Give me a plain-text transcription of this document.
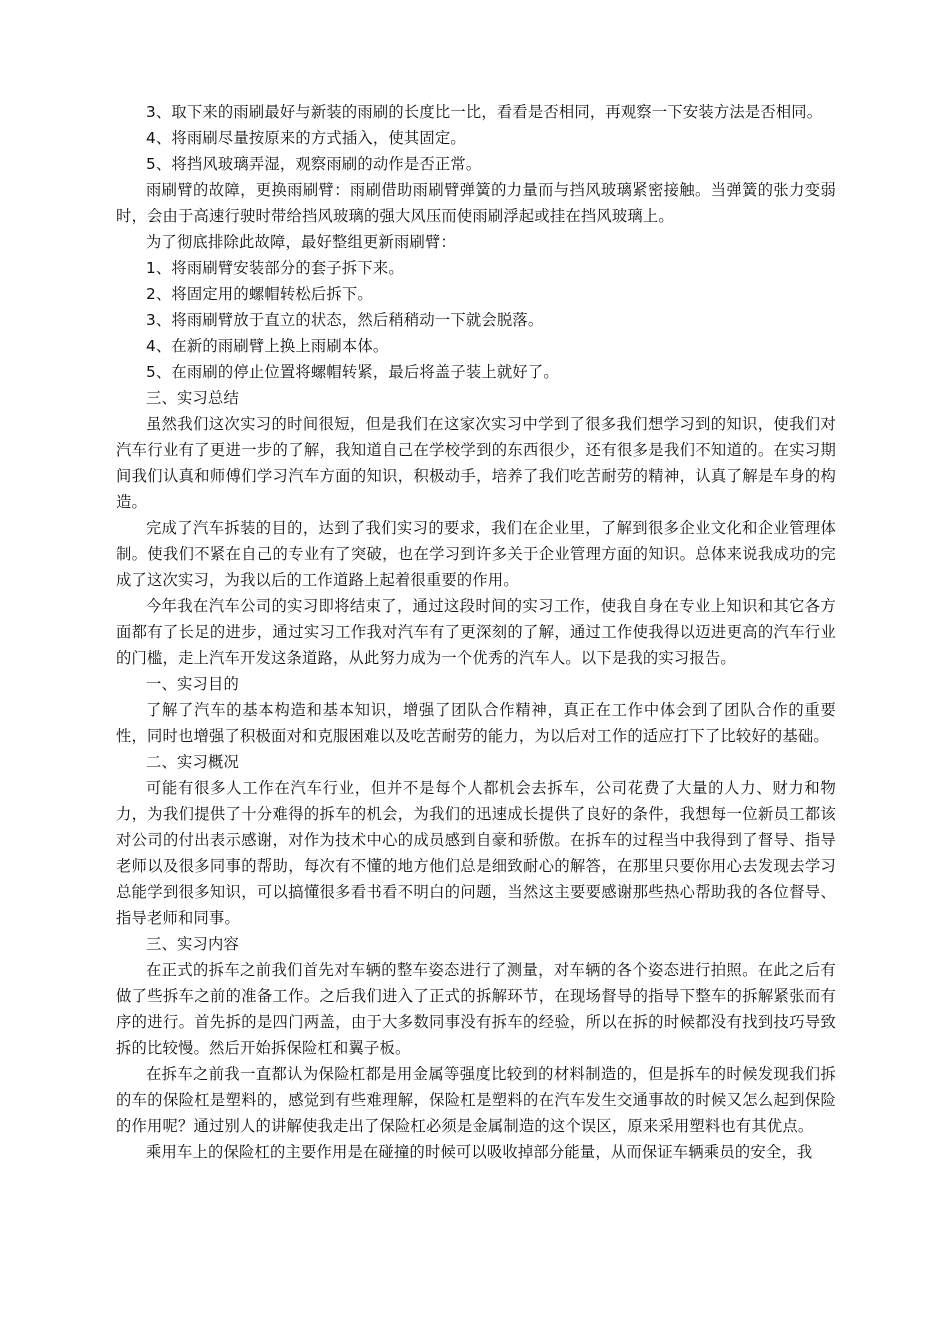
3、取下来的雨刷最好与新装的雨刷的长度比一比，看看是否相同，再观察一下安装方法是否相同。

4、将雨刷尽量按原来的方式插入，使其固定。

5、将挡风玻璃弄湿，观察雨刷的动作是否正常。

雨刷臂的故障，更换雨刷臂：雨刷借助雨刷臂弹簧的力量而与挡风玻璃紧密接触。当弹簧的张力变弱时，会由于高速行驶时带给挡风玻璃的强大风压而使雨刷浮起或挂在挡风玻璃上。

为了彻底排除此故障，最好整组更新雨刷臂：

1、将雨刷臂安装部分的套子拆下来。

2、将固定用的螺帽转松后拆下。

3、将雨刷臂放于直立的状态，然后稍稍动一下就会脱落。

4、在新的雨刷臂上换上雨刷本体。

5、在雨刷的停止位置将螺帽转紧，最后将盖子装上就好了。

三、实习总结

虽然我们这次实习的时间很短，但是我们在这家次实习中学到了很多我们想学习到的知识，使我们对汽车行业有了更进一步的了解，我知道自己在学校学到的东西很少，还有很多是我们不知道的。在实习期间我们认真和师傅们学习汽车方面的知识，积极动手，培养了我们吃苦耐劳的精神，认真了解是车身的构造。

完成了汽车拆装的目的，达到了我们实习的要求，我们在企业里，了解到很多企业文化和企业管理体制。使我们不紧在自己的专业有了突破，也在学习到许多关于企业管理方面的知识。总体来说我成功的完成了这次实习，为我以后的工作道路上起着很重要的作用。

今年我在汽车公司的实习即将结束了，通过这段时间的实习工作，使我自身在专业上知识和其它各方面都有了长足的进步，通过实习工作我对汽车有了更深刻的了解，通过工作使我得以迈进更高的汽车行业的门槛，走上汽车开发这条道路，从此努力成为一个优秀的汽车人。以下是我的实习报告。

一、实习目的

了解了汽车的基本构造和基本知识，增强了团队合作精神，真正在工作中体会到了团队合作的重要性，同时也增强了积极面对和克服困难以及吃苦耐劳的能力，为以后对工作的适应打下了比较好的基础。

二、实习概况

可能有很多人工作在汽车行业，但并不是每个人都机会去拆车，公司花费了大量的人力、财力和物力，为我们提供了十分难得的拆车的机会，为我们的迅速成长提供了良好的条件，我想每一位新员工都该对公司的付出表示感谢，对作为技术中心的成员感到自豪和骄傲。在拆车的过程当中我得到了督导、指导老师以及很多同事的帮助，每次有不懂的地方他们总是细致耐心的解答，在那里只要你用心去发现去学习总能学到很多知识，可以搞懂很多看书看不明白的问题，当然这主要要感谢那些热心帮助我的各位督导、指导老师和同事。

三、实习内容

在正式的拆车之前我们首先对车辆的整车姿态进行了测量，对车辆的各个姿态进行拍照。在此之后有做了些拆车之前的准备工作。之后我们进入了正式的拆解环节，在现场督导的指导下整车的拆解紧张而有序的进行。首先拆的是四门两盖，由于大多数同事没有拆车的经验，所以在拆的时候都没有找到技巧导致拆的比较慢。然后开始拆保险杠和翼子板。

在拆车之前我一直都认为保险杠都是用金属等强度比较到的材料制造的，但是拆车的时候发现我们拆的车的保险杠是塑料的，感觉到有些难理解，保险杠是塑料的在汽车发生交通事故的时候又怎么起到保险的作用呢？通过别人的讲解使我走出了保险杠必须是金属制造的这个误区，原来采用塑料也有其优点。

乘用车上的保险杠的主要作用是在碰撞的时候可以吸收掉部分能量，从而保证车辆乘员的安全，我
